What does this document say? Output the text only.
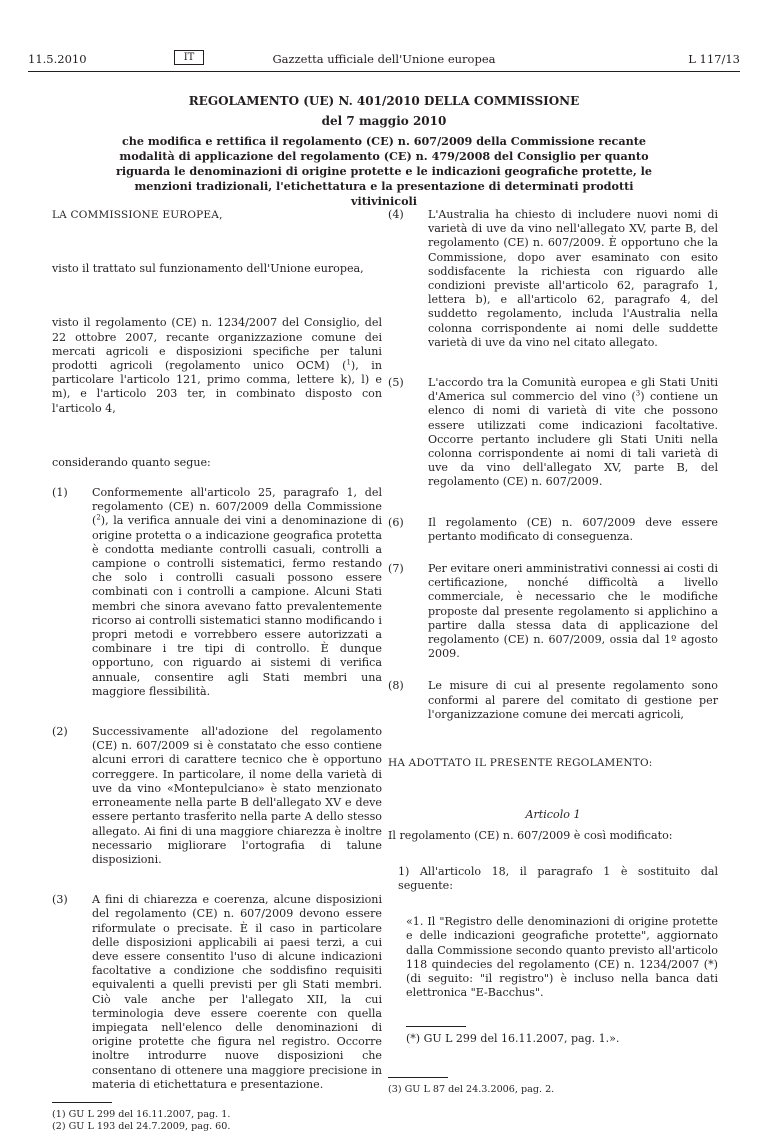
11.5.2010	IT	Gazzetta ufficiale dell'Unione europea	L 117/13
REGOLAMENTO (UE) N. 401/2010 DELLA COMMISSIONE
del 7 maggio 2010
che modifica e rettifica il regolamento (CE) n. 607/2009 della Commissione recante modalità di applicazione del regolamento (CE) n. 479/2008 del Consiglio per quanto riguarda le denominazioni di origine protette e le indicazioni geografiche protette, le menzioni tradizionali, l'etichettatura e la presentazione di determinati prodotti vitivinicoli

LA COMMISSIONE EUROPEA,

visto il trattato sul funzionamento dell'Unione europea,

visto il regolamento (CE) n. 1234/2007 del Consiglio, del 22 ottobre 2007, recante organizzazione comune dei mercati agricoli e disposizioni specifiche per taluni prodotti agricoli (regolamento unico OCM) ($^1$), in particolare l'articolo 121, primo comma, lettere k), l) e m), e l'articolo 203 ter, in combinato disposto con l'articolo 4,

considerando quanto segue:

(1) Conformemente all'articolo 25, paragrafo 1, del regolamento (CE) n. 607/2009 della Commissione ($^2$), la verifica annuale dei vini a denominazione di origine protetta o a indicazione geografica protetta è condotta mediante controlli casuali, controlli a campione o controlli sistematici, fermo restando che solo i controlli casuali possono essere combinati con i controlli a campione. Alcuni Stati membri che sinora avevano fatto prevalentemente ricorso ai controlli sistematici stanno modificando i propri metodi e vorrebbero essere autorizzati a combinare i tre tipi di controllo. È dunque opportuno, con riguardo ai sistemi di verifica annuale, consentire agli Stati membri una maggiore flessibilità.

(2) Successivamente all'adozione del regolamento (CE) n. 607/2009 si è constatato che esso contiene alcuni errori di carattere tecnico che è opportuno correggere. In particolare, il nome della varietà di uve da vino «Montepulciano» è stato menzionato erroneamente nella parte B dell'allegato XV e deve essere pertanto trasferito nella parte A dello stesso allegato. Ai fini di una maggiore chiarezza è inoltre necessario migliorare l'ortografia di talune disposizioni.

(3) A fini di chiarezza e coerenza, alcune disposizioni del regolamento (CE) n. 607/2009 devono essere riformulate o precisate. È il caso in particolare delle disposizioni applicabili ai paesi terzi, a cui deve essere consentito l'uso di alcune indicazioni facoltative a condizione che soddisfino requisiti equivalenti a quelli previsti per gli Stati membri. Ciò vale anche per l'allegato XII, la cui terminologia deve essere coerente con quella impiegata nell'elenco delle denominazioni di origine protette che figura nel registro. Occorre inoltre introdurre nuove disposizioni che consentano di ottenere una maggiore precisione in materia di etichettatura e presentazione.

(1) GU L 299 del 16.11.2007, pag. 1.
(2) GU L 193 del 24.7.2009, pag. 60.
(4) L'Australia ha chiesto di includere nuovi nomi di varietà di uve da vino nell'allegato XV, parte B, del regolamento (CE) n. 607/2009. È opportuno che la Commissione, dopo aver esaminato con esito soddisfacente la richiesta con riguardo alle condizioni previste all'articolo 62, paragrafo 1, lettera b), e all'articolo 62, paragrafo 4, del suddetto regolamento, includa l'Australia nella colonna corrispondente ai nomi delle suddette varietà di uve da vino nel citato allegato.

(5) L'accordo tra la Comunità europea e gli Stati Uniti d'America sul commercio del vino ($^3$) contiene un elenco di nomi di varietà di vite che possono essere utilizzati come indicazioni facoltative. Occorre pertanto includere gli Stati Uniti nella colonna corrispondente ai nomi di tali varietà di uve da vino dell'allegato XV, parte B, del regolamento (CE) n. 607/2009.

(6) Il regolamento (CE) n. 607/2009 deve essere pertanto modificato di conseguenza.

(7) Per evitare oneri amministrativi connessi ai costi di certificazione, nonché difficoltà a livello commerciale, è necessario che le modifiche proposte dal presente regolamento si applichino a partire dalla stessa data di applicazione del regolamento (CE) n. 607/2009, ossia dal 1º agosto 2009.

(8) Le misure di cui al presente regolamento sono conformi al parere del comitato di gestione per l'organizzazione comune dei mercati agricoli,

HA ADOTTATO IL PRESENTE REGOLAMENTO:

Articolo 1

Il regolamento (CE) n. 607/2009 è così modificato:

1) All'articolo 18, il paragrafo 1 è sostituito dal seguente:

«1. Il "Registro delle denominazioni di origine protette e delle indicazioni geografiche protette", aggiornato dalla Commissione secondo quanto previsto all'articolo 118 quindecies del regolamento (CE) n. 1234/2007 (*) (di seguito: "il registro") è incluso nella banca dati elettronica "E-Bacchus".

(*) GU L 299 del 16.11.2007, pag. 1.».
(3) GU L 87 del 24.3.2006, pag. 2.
